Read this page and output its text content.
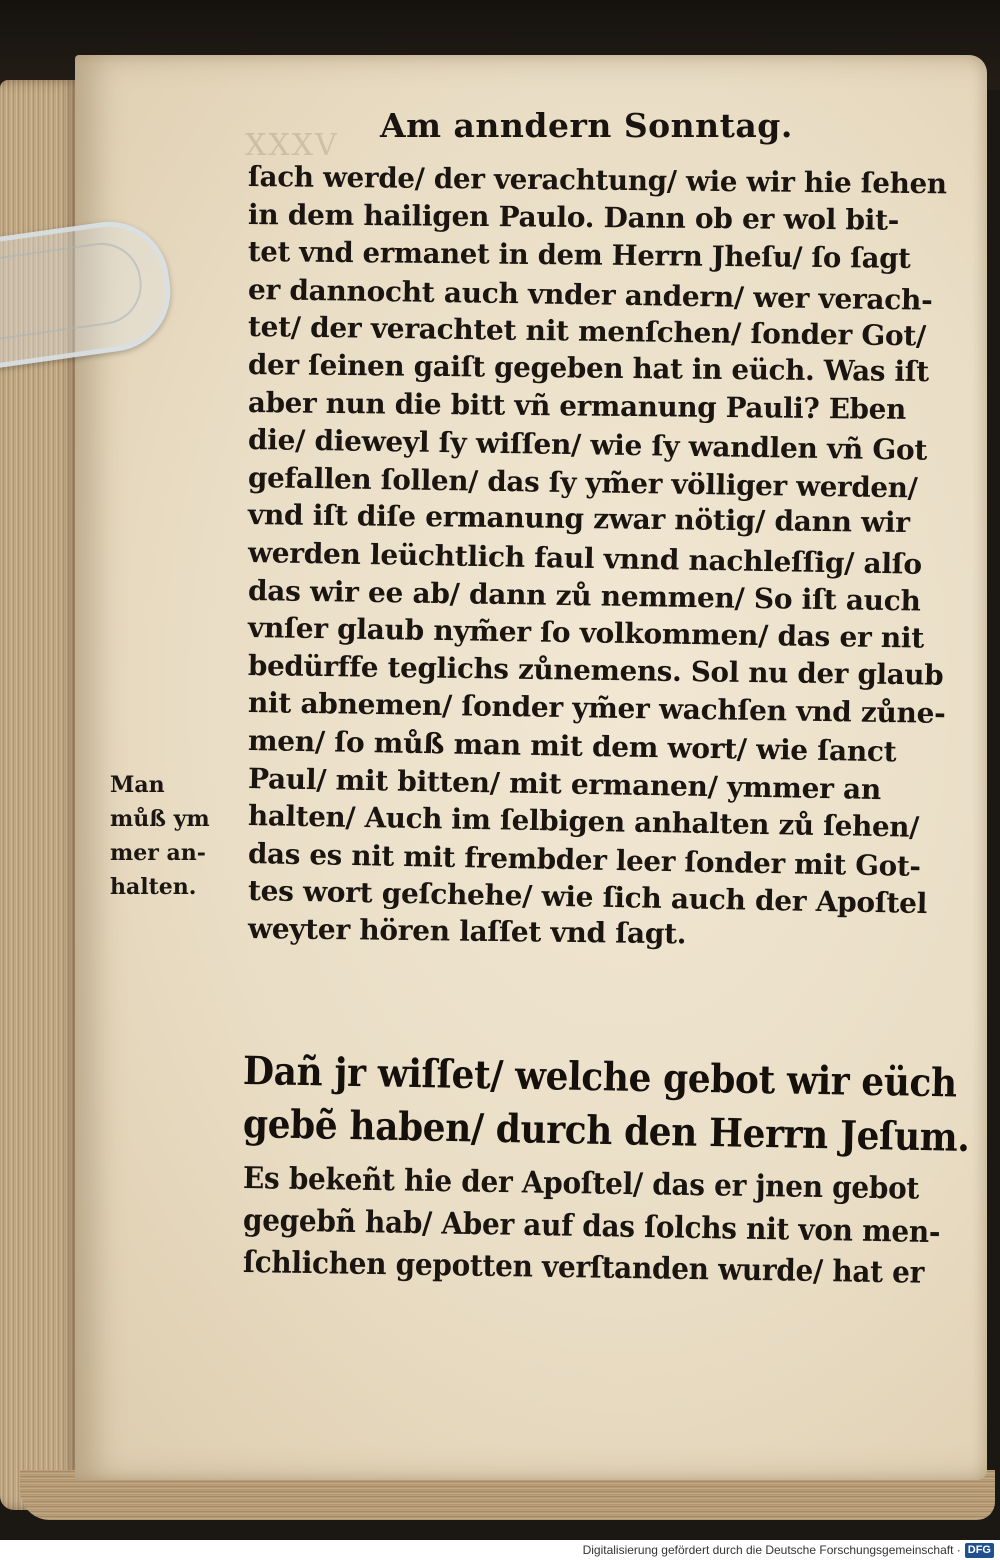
XXXV
Am anndern Sonntag.
ſach werde/ der verachtung/ wie wir hie ſehen
in dem hailigen Paulo. Dann ob er wol bit-
tet vnd ermanet in dem Herrn Jheſu/ ſo ſagt
er dannocht auch vnder andern/ wer verach-
tet/ der verachtet nit menſchen/ ſonder Got/
der ſeinen gaiſt gegeben hat in eüch. Was iſt
aber nun die bitt vñ ermanung Pauli? Eben
die/ dieweyl ſy wiſſen/ wie ſy wandlen vñ Got
gefallen ſollen/ das ſy ym̃er völliger werden/
vnd iſt diſe ermanung zwar nötig/ dann wir
werden leüchtlich faul vnnd nachleſſig/ alſo
das wir ee ab/ dann zů nemmen/ So iſt auch
vnſer glaub nym̃er ſo volkommen/ das er nit
bedürffe teglichs zůnemens. Sol nu der glaub
nit abnemen/ ſonder ym̃er wachſen vnd zůne-
men/ ſo můß man mit dem wort/ wie ſanct
Paul/ mit bitten/ mit ermanen/ ymmer an
halten/ Auch im ſelbigen anhalten zů ſehen/
das es nit mit frembder leer ſonder mit Got-
tes wort geſchehe/ wie ſich auch der Apoſtel
weyter hören laſſet vnd ſagt.
Dañ jr wiſſet/ welche gebot wir eüch
gebẽ haben/ durch den Herrn Jeſum.
Es bekeñt hie der Apoſtel/ das er jnen gebot
gegebñ hab/ Aber auf das ſolchs nit von men-
ſchlichen gepotten verſtanden wurde/ hat er
Man
můß ym
mer an-
halten.
Digitalisierung gefördert durch die Deutsche Forschungsgemeinschaft · DFG
